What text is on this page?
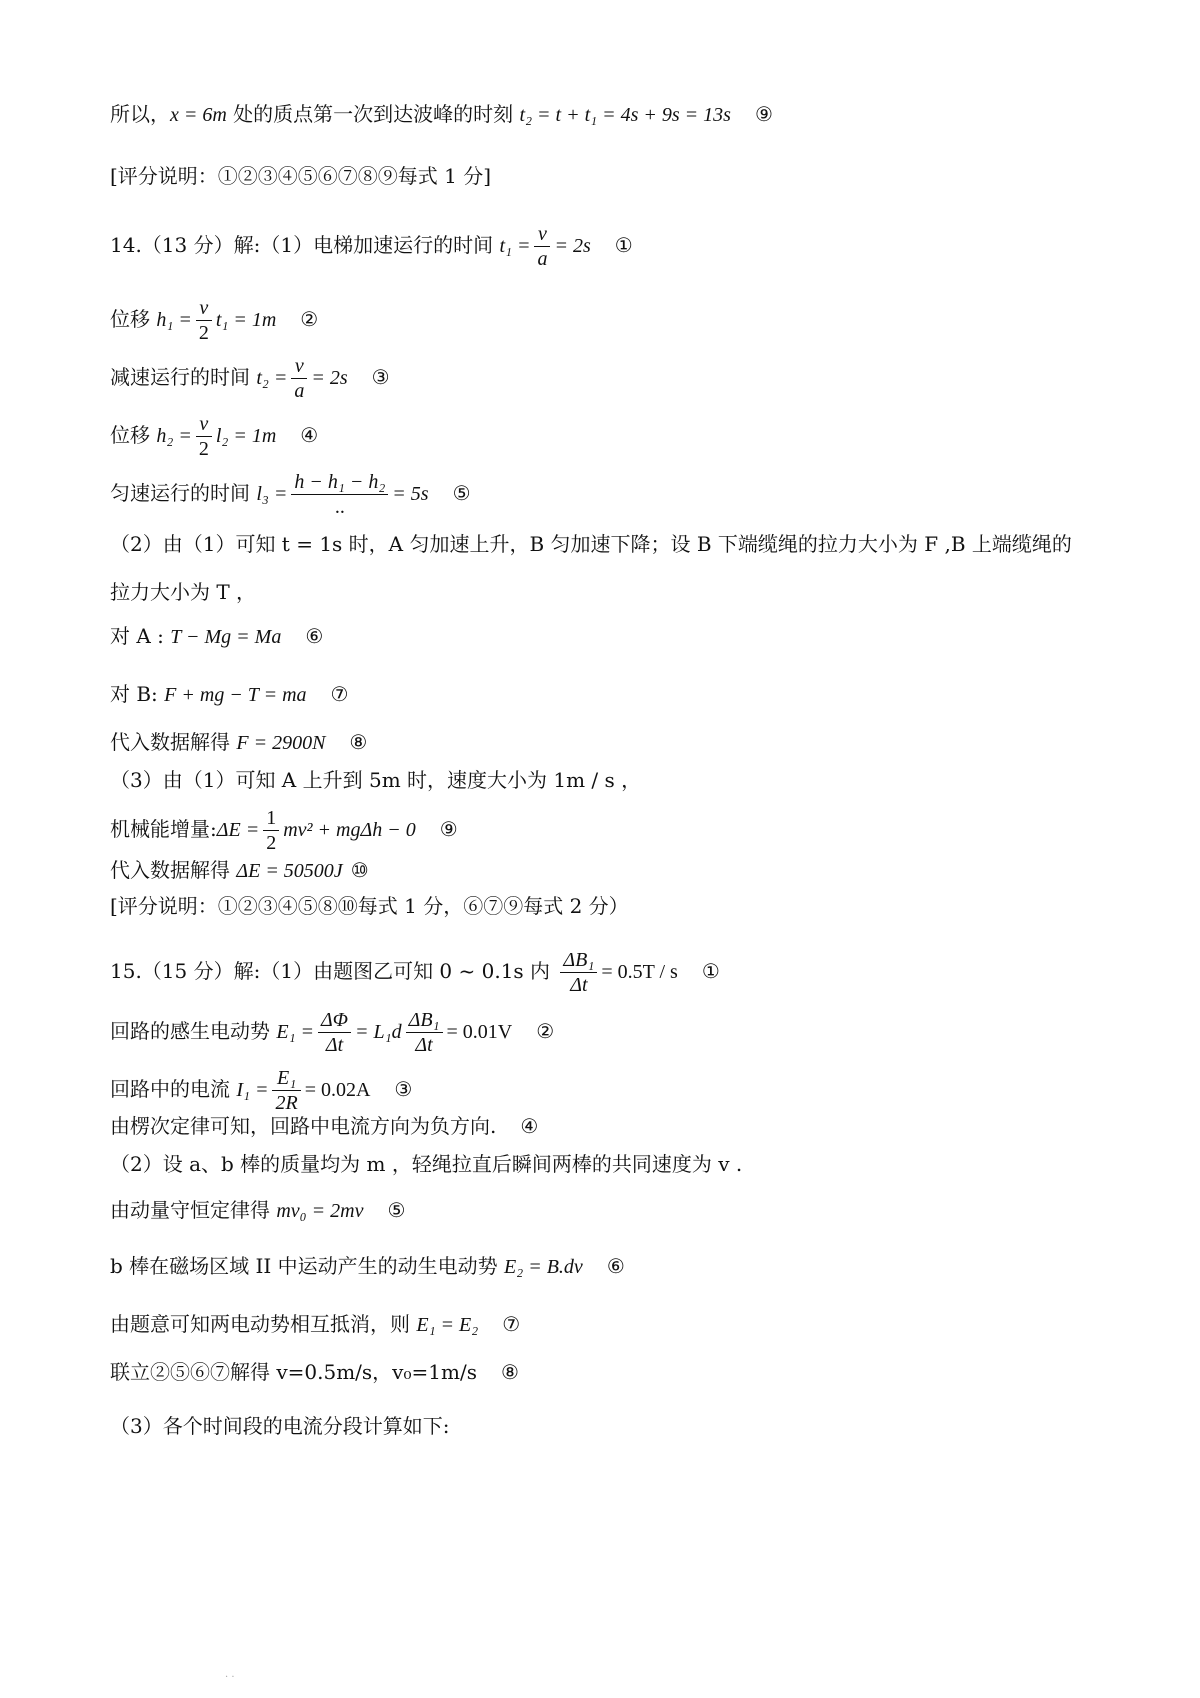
所以，x = 6m 处的质点第一次到达波峰的时刻 t₂ = t + t₁ = 4s + 9s = 13s ⑨
[评分说明：①②③④⑤⑥⑦⑧⑨每式 1 分]
14.（13 分）解:（1）电梯加速运行的时间 $t_1 = \frac{v}{a} = 2s$ ①
位移 $h_1 = \frac{v}{2} t_1 = 1m$ ②
减速运行的时间 $t_2 = \frac{v}{a} = 2s$ ③
位移 $h_2 = \frac{v}{2} l_2 = 1m$ ④
匀速运行的时间 $l_3 = \frac{\text{h − h₁ − h₂}}{..} = 5s$ ⑤
（2）由（1）可知 t = 1s 时，A 匀加速上升，B 匀加速下降；设 B 下端缆绳的拉力大小为 F ,B 上端缆绳的
拉力大小为 T ，
对 A : T − Mg = Ma ⑥
对 B: F + mg − T = ma ⑦
代入数据解得 F = 2900N ⑧
（3）由（1）可知 A 上升到 5m 时，速度大小为 1m / s ，
机械能增量:ΔE = $\frac{1}{2} mv^2 + mg\Delta h - 0$ ⑨
代入数据解得 ΔE = 50500J ⑩
[评分说明：①②③④⑤⑧⑩每式 1 分，⑥⑦⑨每式 2 分）
15.（15 分）解:（1）由题图乙可知 0 ~ 0.1s 内 $\frac{\text{ΔB₁}}{\Delta t} = 0.5T / s$ ①
回路的感生电动势 $E_1 = \frac{\Delta\Phi}{\Delta t} = L_1d \frac{\text{ΔB₁}}{\Delta t} = 0.01V$ ②
回路中的电流 $I_1 = \frac{\text{E₁}}{2R} = 0.02A$ ③
由楞次定律可知，回路中电流方向为负方向. ④
（2）设 a、b 棒的质量均为 m ，轻绳拉直后瞬间两棒的共同速度为 v .
由动量守恒定律得 mv₀ = 2mv ⑤
b 棒在磁场区域 II 中运动产生的动生电动势 E₂ = B.dv ⑥
由题意可知两电动势相互抵消，则 E₁ = E₂ ⑦
联立②⑤⑥⑦解得 v=0.5m/s，v₀=1m/s ⑧
（3）各个时间段的电流分段计算如下:
· ·
